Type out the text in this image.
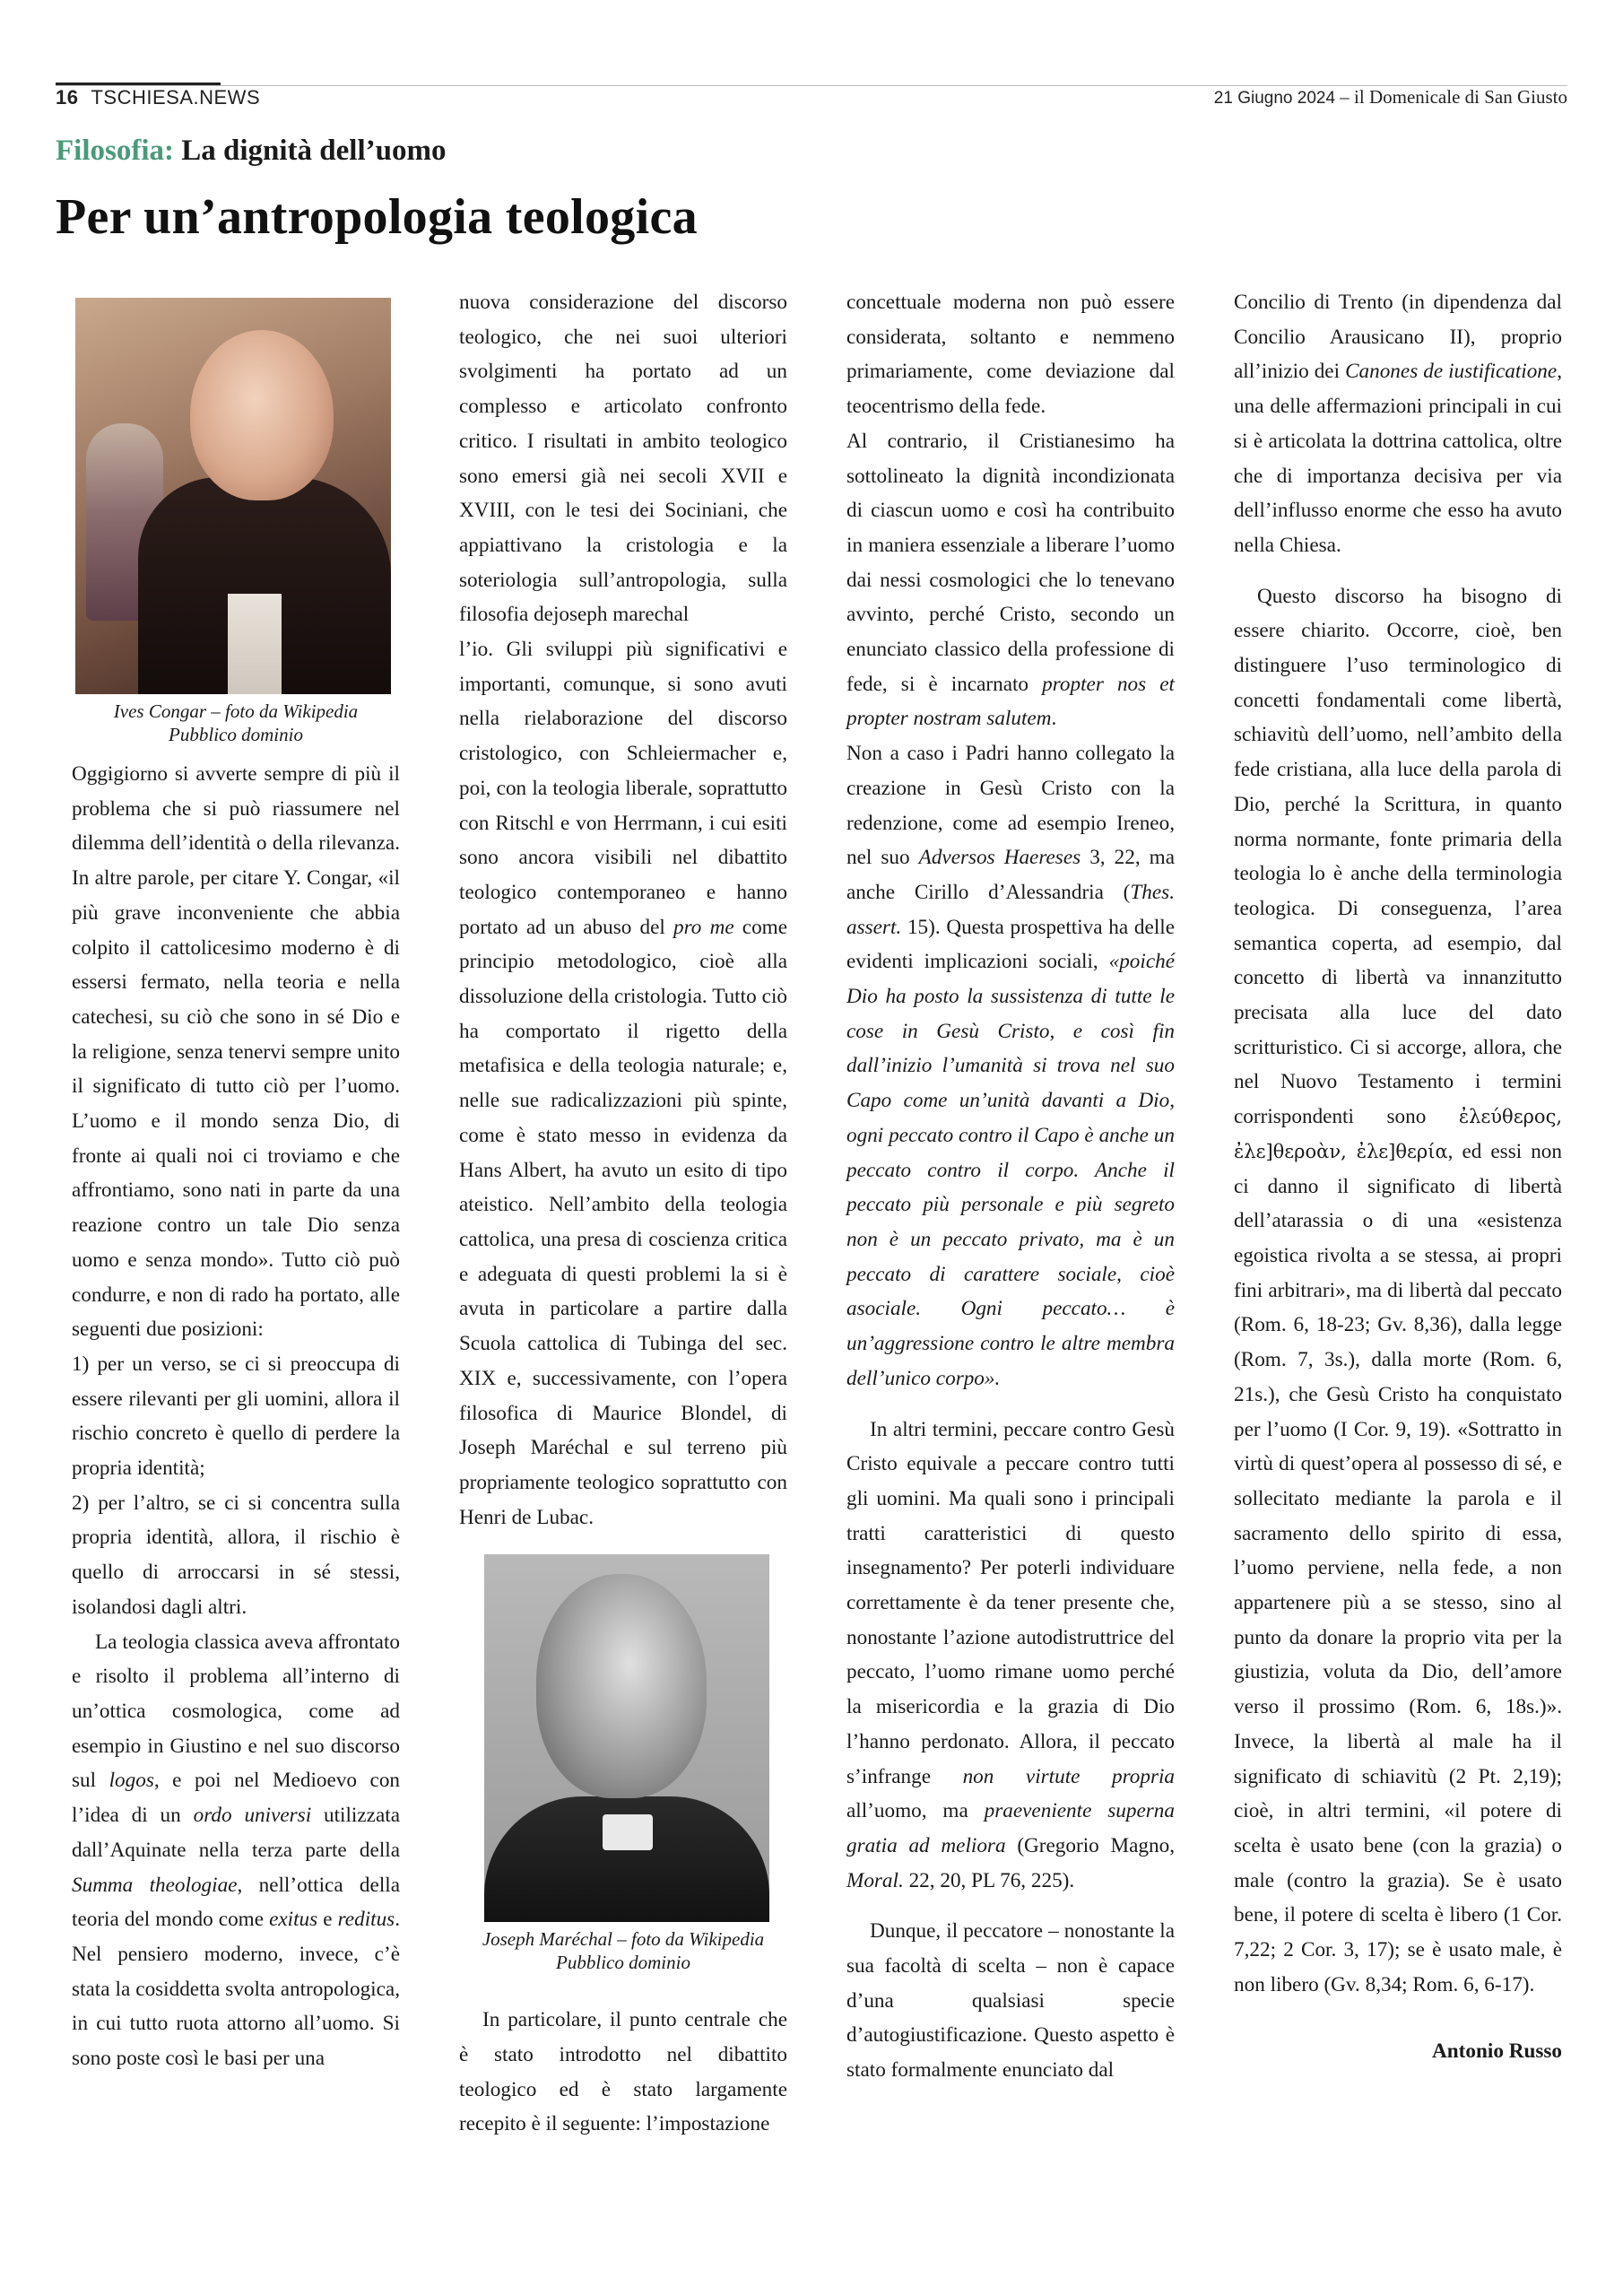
16 TSCHIESA.NEWS	21 Giugno 2024 – il Domenicale di San Giusto
Filosofia: La dignità dell’uomo
Per un’antropologia teologica
Ives Congar – foto da Wikipedia
Pubblico dominio

Oggigiorno si avverte sempre di più il problema che si può riassumere nel dilemma dell’identità o della rilevanza. In altre parole, per citare Y. Congar, «il più grave inconveniente che abbia colpito il cattolicesimo moderno è di essersi fermato, nella teoria e nella catechesi, su ciò che sono in sé Dio e la religione, senza tenervi sempre unito il significato di tutto ciò per l’uomo. L’uomo e il mondo senza Dio, di fronte ai quali noi ci troviamo e che affrontiamo, sono nati in parte da una reazione contro un tale Dio senza uomo e senza mondo». Tutto ciò può condurre, e non di rado ha portato, alle seguenti due posizioni:

1) per un verso, se ci si preoccupa di essere rilevanti per gli uomini, allora il rischio concreto è quello di perdere la propria identità;

2) per l’altro, se ci si concentra sulla propria identità, allora, il rischio è quello di arroccarsi in sé stessi, isolandosi dagli altri.

La teologia classica aveva affrontato e risolto il problema all’interno di un’ottica cosmologica, come ad esempio in Giustino e nel suo discorso sul logos, e poi nel Medioevo con l’idea di un ordo universi utilizzata dall’Aquinate nella terza parte della Summa theologiae, nell’ottica della teoria del mondo come exitus e reditus. Nel pensiero moderno, invece, c’è stata la cosiddetta svolta antropologica, in cui tutto ruota attorno all’uomo. Si sono poste così le basi per una

nuova considerazione del discorso teologico, che nei suoi ulteriori svolgimenti ha portato ad un complesso e articolato confronto critico. I risultati in ambito teologico sono emersi già nei secoli XVII e XVIII, con le tesi dei Sociniani, che appiattivano la cristologia e la soteriologia sull’antropologia, sulla filosofia dejoseph marechal
l’io. Gli sviluppi più significativi e importanti, comunque, si sono avuti nella rielaborazione del discorso cristologico, con Schleiermacher e, poi, con la teologia liberale, soprattutto con Ritschl e von Herrmann, i cui esiti sono ancora visibili nel dibattito teologico contemporaneo e hanno portato ad un abuso del pro me come principio metodologico, cioè alla dissoluzione della cristologia. Tutto ciò ha comportato il rigetto della metafisica e della teologia naturale; e, nelle sue radicalizzazioni più spinte, come è stato messo in evidenza da Hans Albert, ha avuto un esito di tipo ateistico. Nell’ambito della teologia cattolica, una presa di coscienza critica e adeguata di questi problemi la si è avuta in particolare a partire dalla Scuola cattolica di Tubinga del sec. XIX e, successivamente, con l’opera filosofica di Maurice Blondel, di Joseph Maréchal e sul terreno più propriamente teologico soprattutto con Henri de Lubac.

Joseph Maréchal – foto da Wikipedia
Pubblico dominio

In particolare, il punto centrale che è stato introdotto nel dibattito teologico ed è stato largamente recepito è il seguente: l’impostazione

concettuale moderna non può essere considerata, soltanto e nemmeno primariamente, come deviazione dal teocentrismo della fede.

Al contrario, il Cristianesimo ha sottolineato la dignità incondizionata di ciascun uomo e così ha contribuito in maniera essenziale a liberare l’uomo dai nessi cosmologici che lo tenevano avvinto, perché Cristo, secondo un enunciato classico della professione di fede, si è incarnato propter nos et propter nostram salutem.

Non a caso i Padri hanno collegato la creazione in Gesù Cristo con la redenzione, come ad esempio Ireneo, nel suo Adversos Haereses 3, 22, ma anche Cirillo d’Alessandria (Thes. assert. 15). Questa prospettiva ha delle evidenti implicazioni sociali, «poiché Dio ha posto la sussistenza di tutte le cose in Gesù Cristo, e così fin dall’inizio l’umanità si trova nel suo Capo come un’unità davanti a Dio, ogni peccato contro il Capo è anche un peccato contro il corpo. Anche il peccato più personale e più segreto non è un peccato privato, ma è un peccato di carattere sociale, cioè asociale. Ogni peccato… è un’aggressione contro le altre membra dell’unico corpo».

In altri termini, peccare contro Gesù Cristo equivale a peccare contro tutti gli uomini. Ma quali sono i principali tratti caratteristici di questo insegnamento? Per poterli individuare correttamente è da tener presente che, nonostante l’azione autodistruttrice del peccato, l’uomo rimane uomo perché la misericordia e la grazia di Dio l’hanno perdonato. Allora, il peccato s’infrange non virtute propria all’uomo, ma praeveniente superna gratia ad meliora (Gregorio Magno, Moral. 22, 20, PL 76, 225).

Dunque, il peccatore – nonostante la sua facoltà di scelta – non è capace d’una qualsiasi specie d’autogiustificazione. Questo aspetto è stato formalmente enunciato dal

Concilio di Trento (in dipendenza dal Concilio Arausicano II), proprio all’inizio dei Canones de iustificatione, una delle affermazioni principali in cui si è articolata la dottrina cattolica, oltre che di importanza decisiva per via dell’influsso enorme che esso ha avuto nella Chiesa.

Questo discorso ha bisogno di essere chiarito. Occorre, cioè, ben distinguere l’uso terminologico di concetti fondamentali come libertà, schiavitù dell’uomo, nell’ambito della fede cristiana, alla luce della parola di Dio, perché la Scrittura, in quanto norma normante, fonte primaria della teologia lo è anche della terminologia teologica. Di conseguenza, l’area semantica coperta, ad esempio, dal concetto di libertà va innanzitutto precisata alla luce del dato scritturistico. Ci si accorge, allora, che nel Nuovo Testamento i termini corrispondenti sono ἐλεύθερος, ἐλε]θεροὰν, ἐλε]θερία, ed essi non ci danno il significato di libertà dell’atarassia o di una «esistenza egoistica rivolta a se stessa, ai propri fini arbitrari», ma di libertà dal peccato (Rom. 6, 18-23; Gv. 8,36), dalla legge (Rom. 7, 3s.), dalla morte (Rom. 6, 21s.), che Gesù Cristo ha conquistato per l’uomo (I Cor. 9, 19). «Sottratto in virtù di quest’opera al possesso di sé, e sollecitato mediante la parola e il sacramento dello spirito di essa, l’uomo perviene, nella fede, a non appartenere più a se stesso, sino al punto da donare la proprio vita per la giustizia, voluta da Dio, dell’amore verso il prossimo (Rom. 6, 18s.)». Invece, la libertà al male ha il significato di schiavitù (2 Pt. 2,19); cioè, in altri termini, «il potere di scelta è usato bene (con la grazia) o male (contro la grazia). Se è usato bene, il potere di scelta è libero (1 Cor. 7,22; 2 Cor. 3, 17); se è usato male, è non libero (Gv. 8,34; Rom. 6, 6-17).

Antonio Russo
